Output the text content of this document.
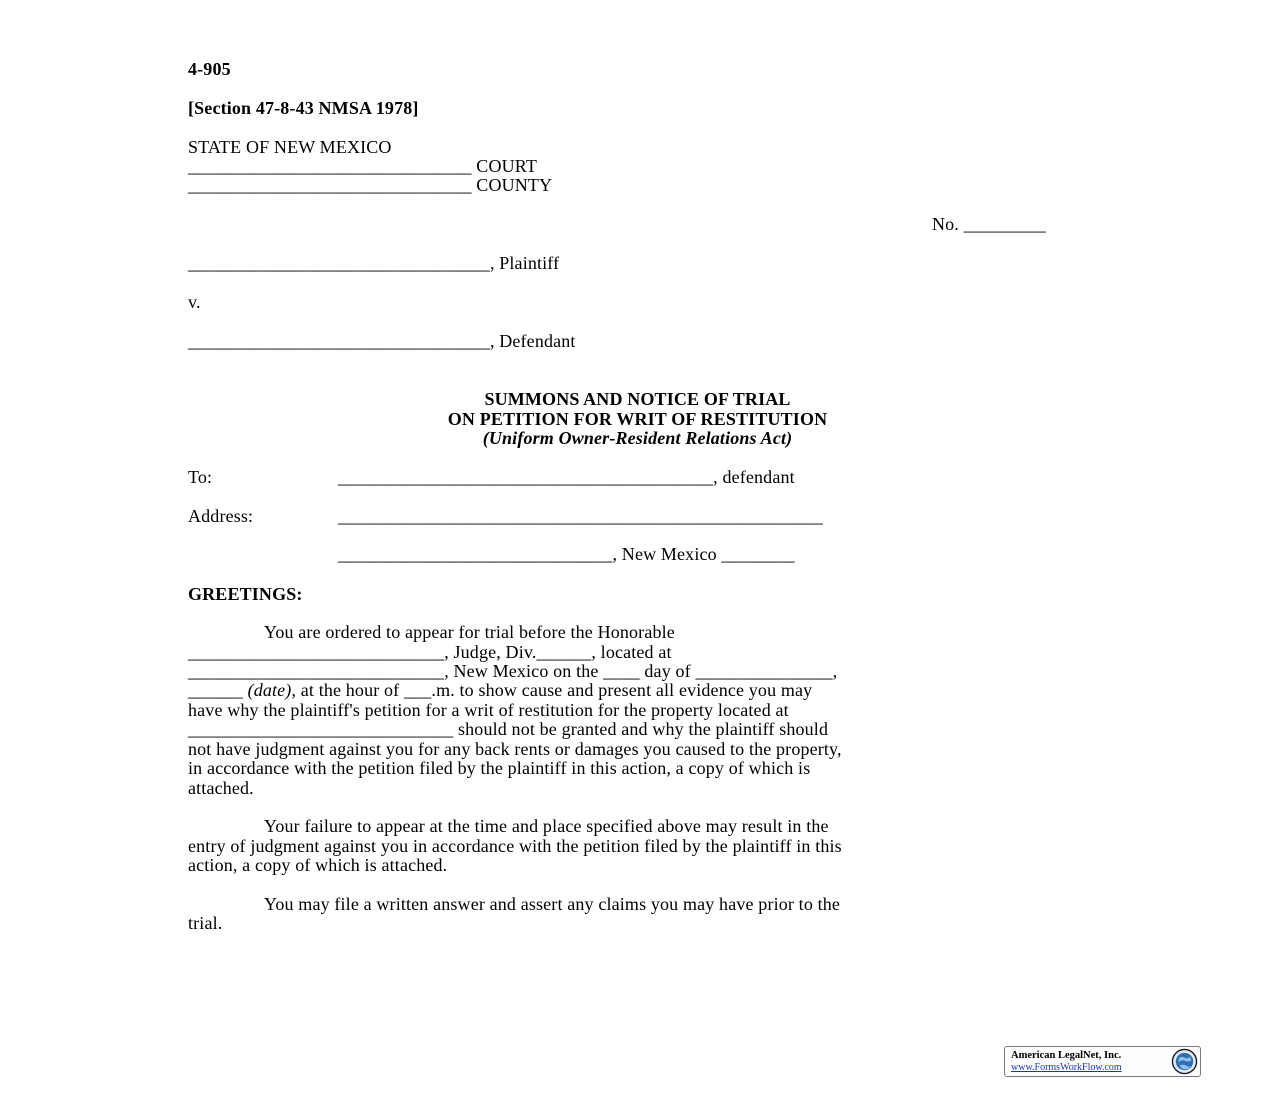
4-905
[Section 47-8-43 NMSA 1978]
STATE OF NEW MEXICO
_______________________________ COURT
_______________________________ COUNTY
No. _________
_________________________________, Plaintiff
v.
_________________________________, Defendant
SUMMONS AND NOTICE OF TRIAL
ON PETITION FOR WRIT OF RESTITUTION
(Uniform Owner-Resident Relations Act)
To:	_________________________________________, defendant
Address:	_____________________________________________________
______________________________, New Mexico ________
GREETINGS:
You are ordered to appear for trial before the Honorable
____________________________, Judge, Div.______, located at
____________________________, New Mexico on the ____ day of _______________,
______ (date), at the hour of ___.m. to show cause and present all evidence you may
have why the plaintiff's petition for a writ of restitution for the property located at
_____________________________ should not be granted and why the plaintiff should
not have judgment against you for any back rents or damages you caused to the property,
in accordance with the petition filed by the plaintiff in this action, a copy of which is
attached.
Your failure to appear at the time and place specified above may result in the
entry of judgment against you in accordance with the petition filed by the plaintiff in this
action, a copy of which is attached.
You may file a written answer and assert any claims you may have prior to the
trial.
American LegalNet, Inc.
www.FormsWorkFlow.com
